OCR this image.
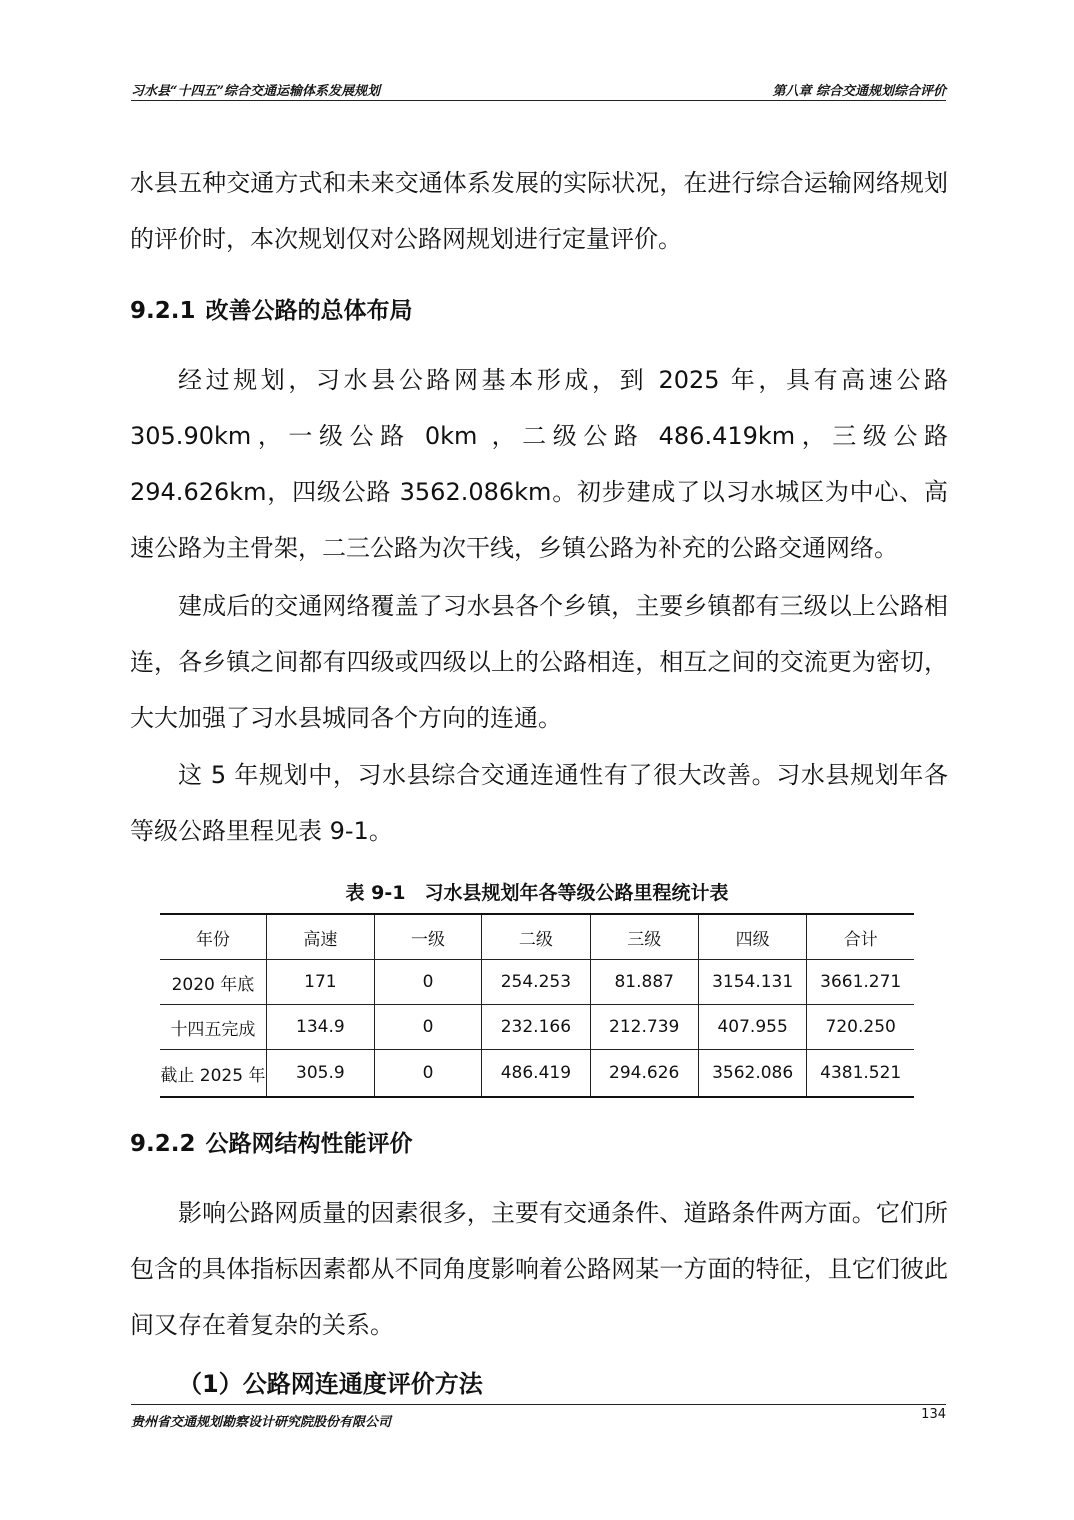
习水县“十四五”综合交通运输体系发展规划	第八章 综合交通规划综合评价

水县五种交通方式和未来交通体系发展的实际状况，在进行综合运输网络规划的评价时，本次规划仅对公路网规划进行定量评价。

9.2.1 改善公路的总体布局

经过规划，习水县公路网基本形成，到 2025 年，具有高速公路 305.90km，一级公路 0km ，二级公路 486.419km，三级公路 294.626km，四级公路 3562.086km。初步建成了以习水城区为中心、高速公路为主骨架，二三公路为次干线，乡镇公路为补充的公路交通网络。

建成后的交通网络覆盖了习水县各个乡镇，主要乡镇都有三级以上公路相连，各乡镇之间都有四级或四级以上的公路相连，相互之间的交流更为密切，大大加强了习水县城同各个方向的连通。

这 5 年规划中，习水县综合交通连通性有了很大改善。习水县规划年各等级公路里程见表 9-1。

表 9-1　习水县规划年各等级公路里程统计表
年份	高速	一级	二级	三级	四级	合计
2020 年底	171	0	254.253	81.887	3154.131	3661.271
十四五完成	134.9	0	232.166	212.739	407.955	720.250
截止 2025 年	305.9	0	486.419	294.626	3562.086	4381.521
9.2.2 公路网结构性能评价

影响公路网质量的因素很多，主要有交通条件、道路条件两方面。它们所包含的具体指标因素都从不同角度影响着公路网某一方面的特征，且它们彼此间又存在着复杂的关系。

（1）公路网连通度评价方法
贵州省交通规划勘察设计研究院股份有限公司
134
